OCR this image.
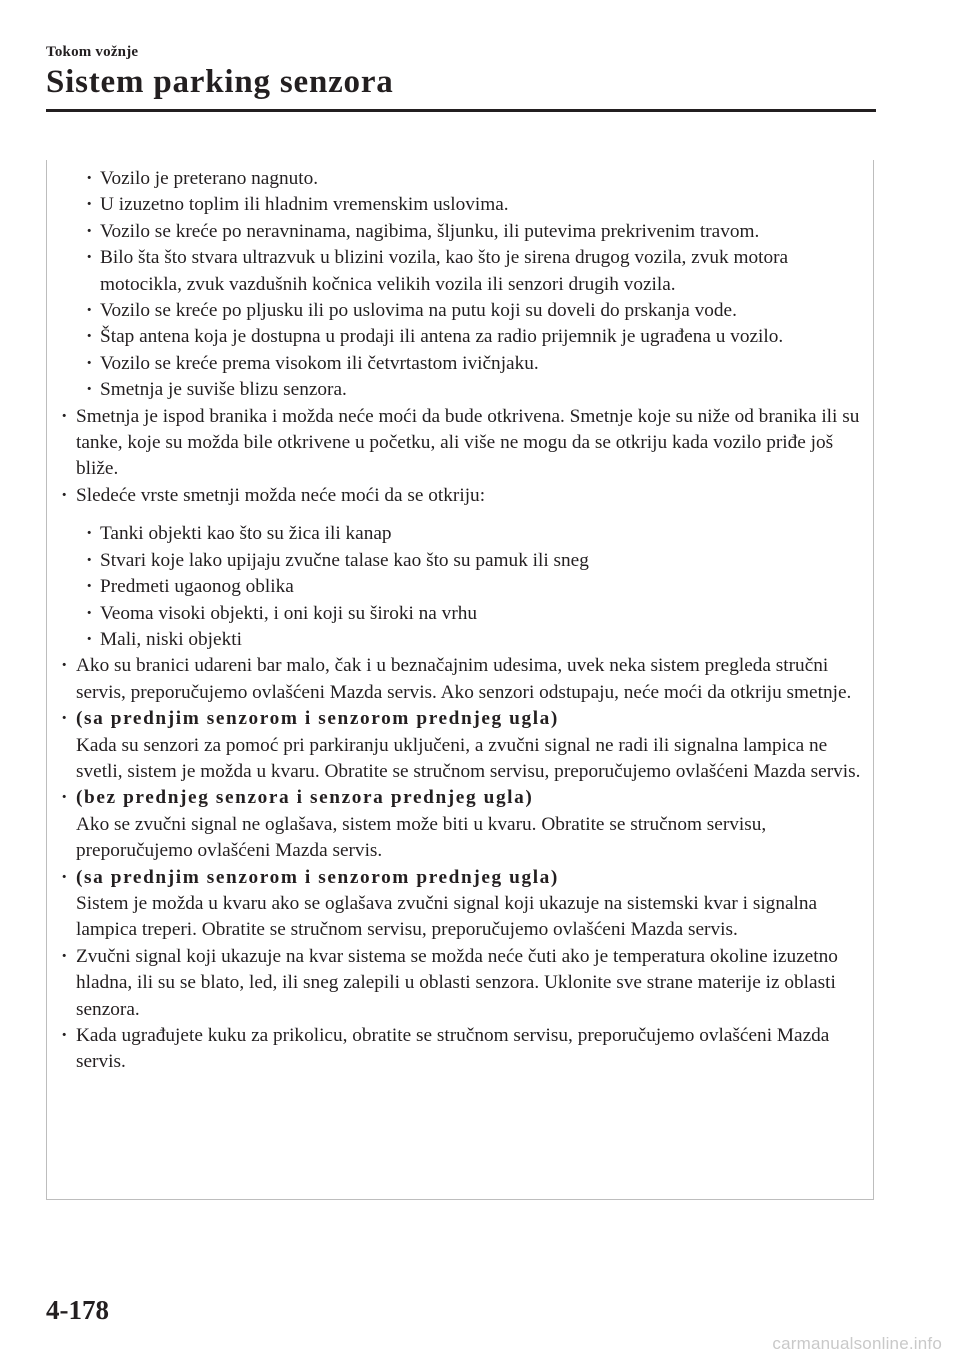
Tokom vožnje
Sistem parking senzora
· Vozilo je preterano nagnuto.
· U izuzetno toplim ili hladnim vremenskim uslovima.
· Vozilo se kreće po neravninama, nagibima, šljunku, ili putevima prekrivenim travom.
· Bilo šta što stvara ultrazvuk u blizini vozila, kao što je sirena drugog vozila, zvuk motora motocikla, zvuk vazdušnih kočnica velikih vozila ili senzori drugih vozila.
· Vozilo se kreće po pljusku ili po uslovima na putu koji su doveli do prskanja vode.
· Štap antena koja je dostupna u prodaji ili antena za radio prijemnik je ugrađena u vozilo.
· Vozilo se kreće prema visokom ili četvrtastom ivičnjaku.
· Smetnja je suviše blizu senzora.
· Smetnja je ispod branika i možda neće moći da bude otkrivena. Smetnje koje su niže od branika ili su tanke, koje su možda bile otkrivene u početku, ali više ne mogu da se otkriju kada vozilo priđe još bliže.
· Sledeće vrste smetnji možda neće moći da se otkriju:
· Tanki objekti kao što su žica ili kanap
· Stvari koje lako upijaju zvučne talase kao što su pamuk ili sneg
· Predmeti ugaonog oblika
· Veoma visoki objekti, i oni koji su široki na vrhu
· Mali, niski objekti
· Ako su branici udareni bar malo, čak i u beznačajnim udesima, uvek neka sistem pregleda stručni servis, preporučujemo ovlašćeni Mazda servis. Ako senzori odstupaju, neće moći da otkriju smetnje.
· (sa prednjim senzorom i senzorom prednjeg ugla)
Kada su senzori za pomoć pri parkiranju uključeni, a zvučni signal ne radi ili signalna lampica ne svetli, sistem je možda u kvaru. Obratite se stručnom servisu, preporučujemo ovlašćeni Mazda servis.
· (bez prednjeg senzora i senzora prednjeg ugla)
Ako se zvučni signal ne oglašava, sistem može biti u kvaru. Obratite se stručnom servisu, preporučujemo ovlašćeni Mazda servis.
· (sa prednjim senzorom i senzorom prednjeg ugla)
Sistem je možda u kvaru ako se oglašava zvučni signal koji ukazuje na sistemski kvar i signalna lampica treperi. Obratite se stručnom servisu, preporučujemo ovlašćeni Mazda servis.
· Zvučni signal koji ukazuje na kvar sistema se možda neće čuti ako je temperatura okoline izuzetno hladna, ili su se blato, led, ili sneg zalepili u oblasti senzora. Uklonite sve strane materije iz oblasti senzora.
· Kada ugrađujete kuku za prikolicu, obratite se stručnom servisu, preporučujemo ovlašćeni Mazda servis.
4-178
carmanualsonline.info
